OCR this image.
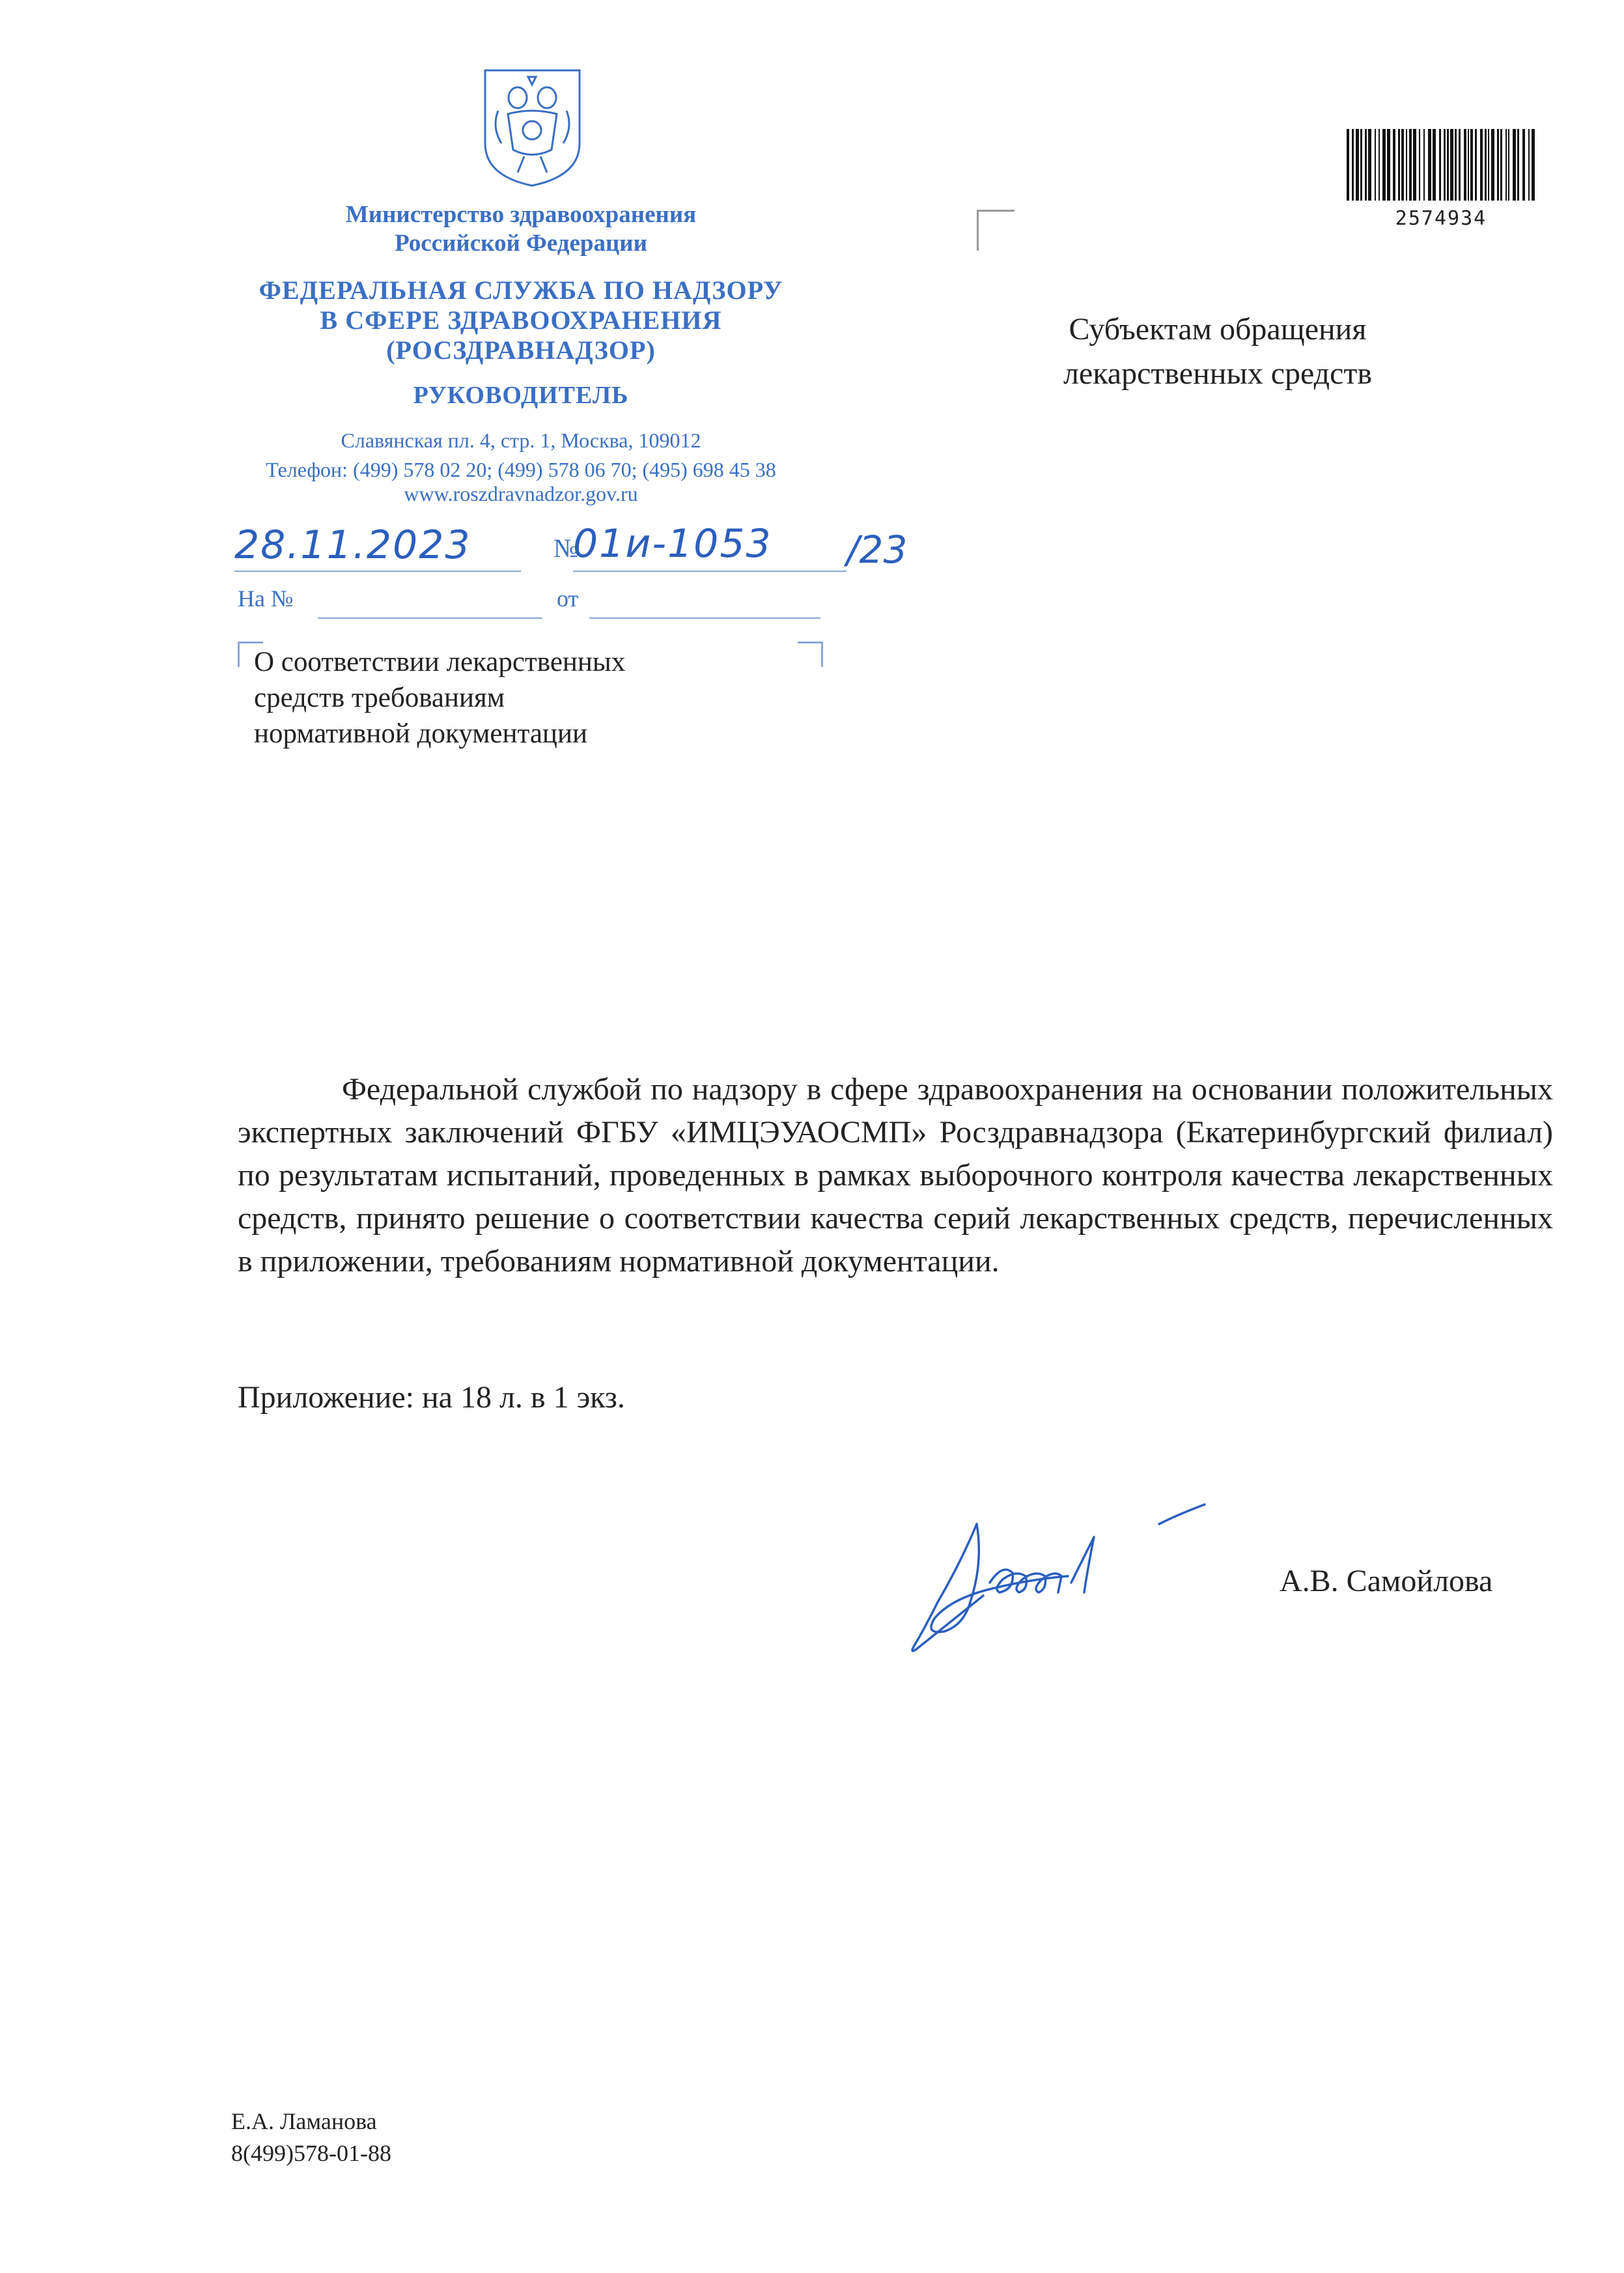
Министерство здравоохранения
Российской Федерации
ФЕДЕРАЛЬНАЯ СЛУЖБА ПО НАДЗОРУ
В СФЕРЕ ЗДРАВООХРАНЕНИЯ
(РОСЗДРАВНАДЗОР)
РУКОВОДИТЕЛЬ
Славянская пл. 4, стр. 1, Москва, 109012
Телефон: (499) 578 02 20; (499) 578 06 70; (495) 698 45 38
www.roszdravnadzor.gov.ru
28.11.2023	№
01и-1053 /23
На №	от
О соответствии лекарственных
средств требованиям
нормативной документации
Субъектам обращения
лекарственных средств
2574934
Федеральной службой по надзору в сфере здравоохранения на основании положительных экспертных заключений ФГБУ «ИМЦЭУАОСМП» Росздравнадзора (Екатеринбургский филиал) по результатам испытаний, проведенных в рамках выборочного контроля качества лекарственных средств, принято решение о соответствии качества серий лекарственных средств, перечисленных в приложении, требованиям нормативной документации.
Приложение: на 18 л. в 1 экз.
А.В. Самойлова
Е.А. Ламанова
8(499)578-01-88
